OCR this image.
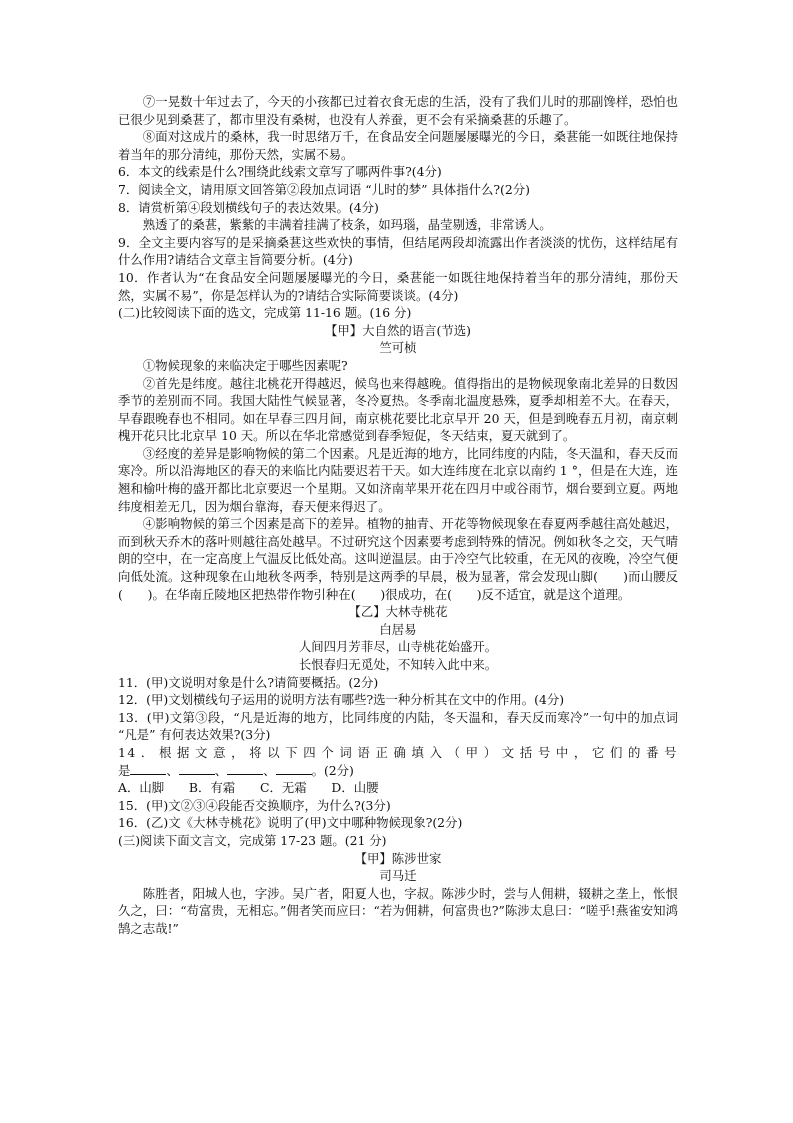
⑦一晃数十年过去了，今天的小孩都已过着衣食无虑的生活，没有了我们儿时的那副馋样，恐怕也已很少见到桑葚了，都市里没有桑树，也没有人养蚕，更不会有采摘桑葚的乐趣了。

⑧面对这成片的桑林，我一时思绪万千，在食品安全问题屡屡曝光的今日，桑葚能一如既往地保持着当年的那分清纯，那份天然，实属不易。

6．本文的线索是什么?围绕此线索文章写了哪两件事?(4分)

7．阅读全文，请用原文回答第②段加点词语 “儿时的梦” 具体指什么?(2分)

8．请赏析第④段划横线句子的表达效果。(4分)

熟透了的桑葚，紫紫的丰满着挂满了枝条，如玛瑙，晶莹剔透，非常诱人。

9．全文主要内容写的是采摘桑葚这些欢快的事情，但结尾两段却流露出作者淡淡的忧伤，这样结尾有什么作用?请结合文章主旨简要分析。(4分)

10．作者认为“在食品安全问题屡屡曝光的今日，桑葚能一如既往地保持着当年的那分清纯，那份天然，实属不易”，你是怎样认为的?请结合实际简要谈谈。(4分)

(二)比较阅读下面的选文，完成第 11-16 题。(16 分)

【甲】大自然的语言(节选)

竺可桢

①物候现象的来临决定于哪些因素呢?

②首先是纬度。越往北桃花开得越迟，候鸟也来得越晚。值得指出的是物候现象南北差异的日数因季节的差别而不同。我国大陆性气候显著，冬冷夏热。冬季南北温度悬殊，夏季却相差不大。在春天，早春跟晚春也不相同。如在早春三四月间，南京桃花要比北京早开 20 天，但是到晚春五月初，南京刺槐开花只比北京早 10 天。所以在华北常感觉到春季短促，冬天结束，夏天就到了。

③经度的差异是影响物候的第二个因素。凡是近海的地方，比同纬度的内陆，冬天温和，春天反而寒冷。所以沿海地区的春天的来临比内陆要迟若干天。如大连纬度在北京以南约 1 °，但是在大连，连翘和榆叶梅的盛开都比北京要迟一个星期。又如济南苹果开花在四月中或谷雨节，烟台要到立夏。两地纬度相差无几，因为烟台靠海，春天便来得迟了。

④影响物候的第三个因素是高下的差异。植物的抽青、开花等物候现象在春夏两季越往高处越迟，而到秋天乔木的落叶则越往高处越早。不过研究这个因素要考虑到特殊的情况。例如秋冬之交，天气晴朗的空中，在一定高度上气温反比低处高。这叫逆温层。由于冷空气比较重，在无风的夜晚，冷空气便向低处流。这种现象在山地秋冬两季，特别是这两季的早晨，极为显著，常会发现山脚(　　)而山腰反(　　)。在华南丘陵地区把热带作物引种在(　　)很成功，在(　　)反不适宜，就是这个道理。

【乙】大林寺桃花

白居易

人间四月芳菲尽，山寺桃花始盛开。

长恨春归无觅处，不知转入此中来。

11．(甲)文说明对象是什么?请简要概括。(2分)

12．(甲)文划横线句子运用的说明方法有哪些?选一种分析其在文中的作用。(4分)

13．(甲)文第③段，“凡是近海的地方，比同纬度的内陆，冬天温和，春天反而寒冷”一句中的加点词 “凡是” 有何表达效果?(3分)

14．根据文意，将以下四个词语正确填入（甲）文括号中，它们的番号

是	、	、	、	。(2分)

A．山脚　　B．有霜　　C．无霜　　D．山腰

15．(甲)文②③④段能否交换顺序，为什么?(3分)

16．(乙)文《大林寺桃花》说明了(甲)文中哪种物候现象?(2分)

(三)阅读下面文言文，完成第 17-23 题。(21 分)

【甲】陈涉世家

司马迁

陈胜者，阳城人也，字涉。吴广者，阳夏人也，字叔。陈涉少时，尝与人佣耕，辍耕之垄上，怅恨久之，曰：“苟富贵，无相忘。”佣者笑而应曰：“若为佣耕，何富贵也?”陈涉太息曰：“嗟乎!燕雀安知鸿鹄之志哉!”
